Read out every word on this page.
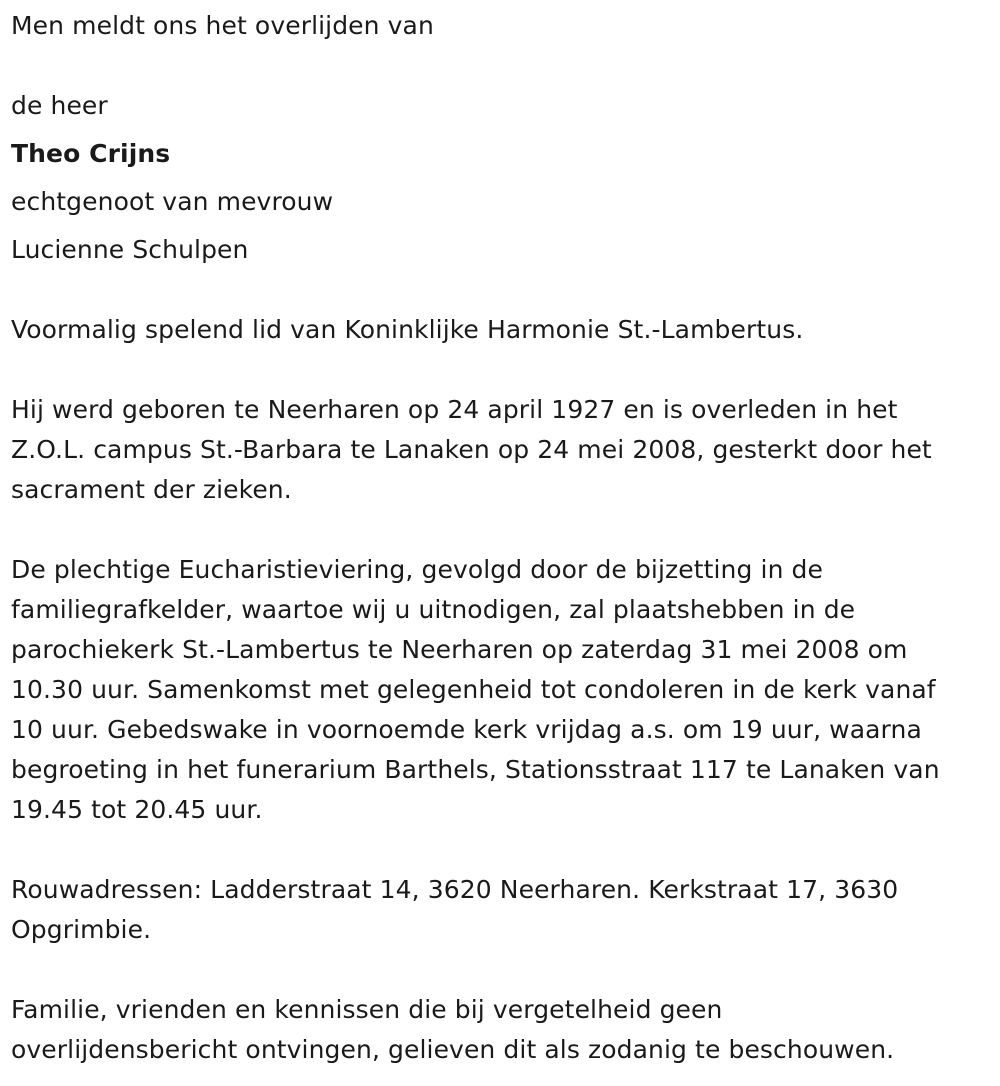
Men meldt ons het overlijden van

de heer

Theo Crijns

echtgenoot van mevrouw

Lucienne Schulpen

Voormalig spelend lid van Koninklijke Harmonie St.-Lambertus.

Hij werd geboren te Neerharen op 24 april 1927 en is overleden in het

Z.O.L. campus St.-Barbara te Lanaken op 24 mei 2008, gesterkt door het

sacrament der zieken.

De plechtige Eucharistieviering, gevolgd door de bijzetting in de

familiegrafkelder, waartoe wij u uitnodigen, zal plaatshebben in de

parochiekerk St.-Lambertus te Neerharen op zaterdag 31 mei 2008 om

10.30 uur. Samenkomst met gelegenheid tot condoleren in de kerk vanaf

10 uur. Gebedswake in voornoemde kerk vrijdag a.s. om 19 uur, waarna

begroeting in het funerarium Barthels, Stationsstraat 117 te Lanaken van

19.45 tot 20.45 uur.

Rouwadressen: Ladderstraat 14, 3620 Neerharen. Kerkstraat 17, 3630

Opgrimbie.

Familie, vrienden en kennissen die bij vergetelheid geen

overlijdensbericht ontvingen, gelieven dit als zodanig te beschouwen.
